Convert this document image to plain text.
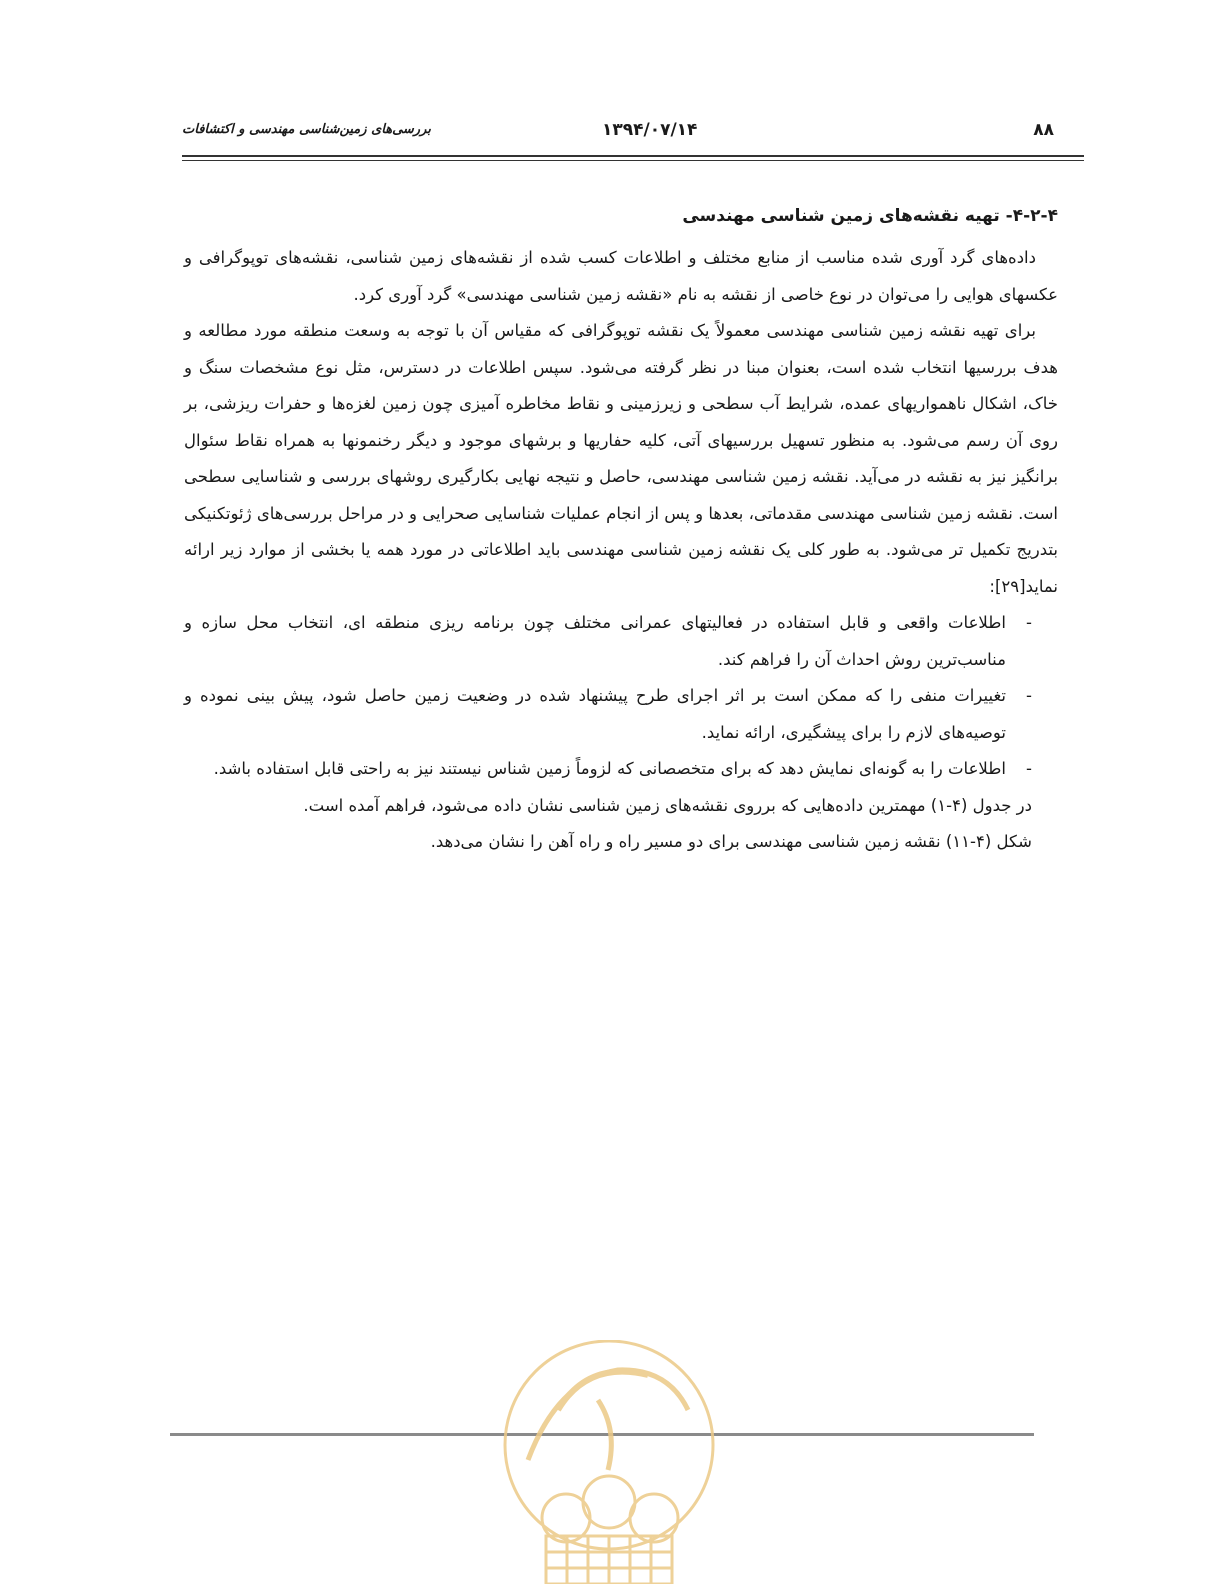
بررسی‌های زمین‌شناسی مهندسی و اکتشافات	۱۳۹۴/۰۷/۱۴	۸۸
۴-۲-۴- تهیه نقشه‌های زمین شناسی مهندسی

داده‌های گرد آوری شده مناسب از منابع مختلف و اطلاعات کسب شده از نقشه‌های زمین شناسی، نقشه‌های توپوگرافی و عکسهای هوایی را می‌توان در نوع خاصی از نقشه به نام «نقشه زمین شناسی مهندسی» گرد آوری کرد.

برای تهیه نقشه زمین شناسی مهندسی معمولاً یک نقشه توپوگرافی که مقیاس آن با توجه به وسعت منطقه مورد مطالعه و هدف بررسیها انتخاب شده است، بعنوان مبنا در نظر گرفته می‌شود. سپس اطلاعات در دسترس، مثل نوع مشخصات سنگ و خاک، اشکال ناهمواریهای عمده، شرایط آب سطحی و زیرزمینی و نقاط مخاطره آمیزی چون زمین لغزه‌ها و حفرات ریزشی، بر روی آن رسم می‌شود. به منظور تسهیل بررسیهای آتی، کلیه حفاریها و برشهای موجود و دیگر رخنمونها به همراه نقاط سئوال برانگیز نیز به نقشه در می‌آید. نقشه زمین شناسی مهندسی، حاصل و نتیجه نهایی بکارگیری روشهای بررسی و شناسایی سطحی است. نقشه زمین شناسی مهندسی مقدماتی، بعدها و پس از انجام عملیات شناسایی صحرایی و در مراحل بررسی‌های ژئوتکنیکی بتدریج تکمیل تر می‌شود. به طور کلی یک نقشه زمین شناسی مهندسی باید اطلاعاتی در مورد همه یا بخشی از موارد زیر ارائه نماید[۲۹]:

-
اطلاعات واقعی و قابل استفاده در فعالیتهای عمرانی مختلف چون برنامه ریزی منطقه ای، انتخاب محل سازه و مناسب‌ترین روش احداث آن را فراهم کند.
-
تغییرات منفی را که ممکن است بر اثر اجرای طرح پیشنهاد شده در وضعیت زمین حاصل شود، پیش بینی نموده و توصیه‌های لازم را برای پیشگیری، ارائه نماید.
-
اطلاعات را به گونه‌ای نمایش دهد که برای متخصصانی که لزوماً زمین شناس نیستند نیز به راحتی قابل استفاده باشد.

در جدول (۴-۱) مهمترین داده‌هایی که برروی نقشه‌های زمین شناسی نشان داده می‌شود، فراهم آمده است.

شکل (۴-۱۱) نقشه زمین شناسی مهندسی برای دو مسیر راه و راه آهن را نشان می‌دهد.
